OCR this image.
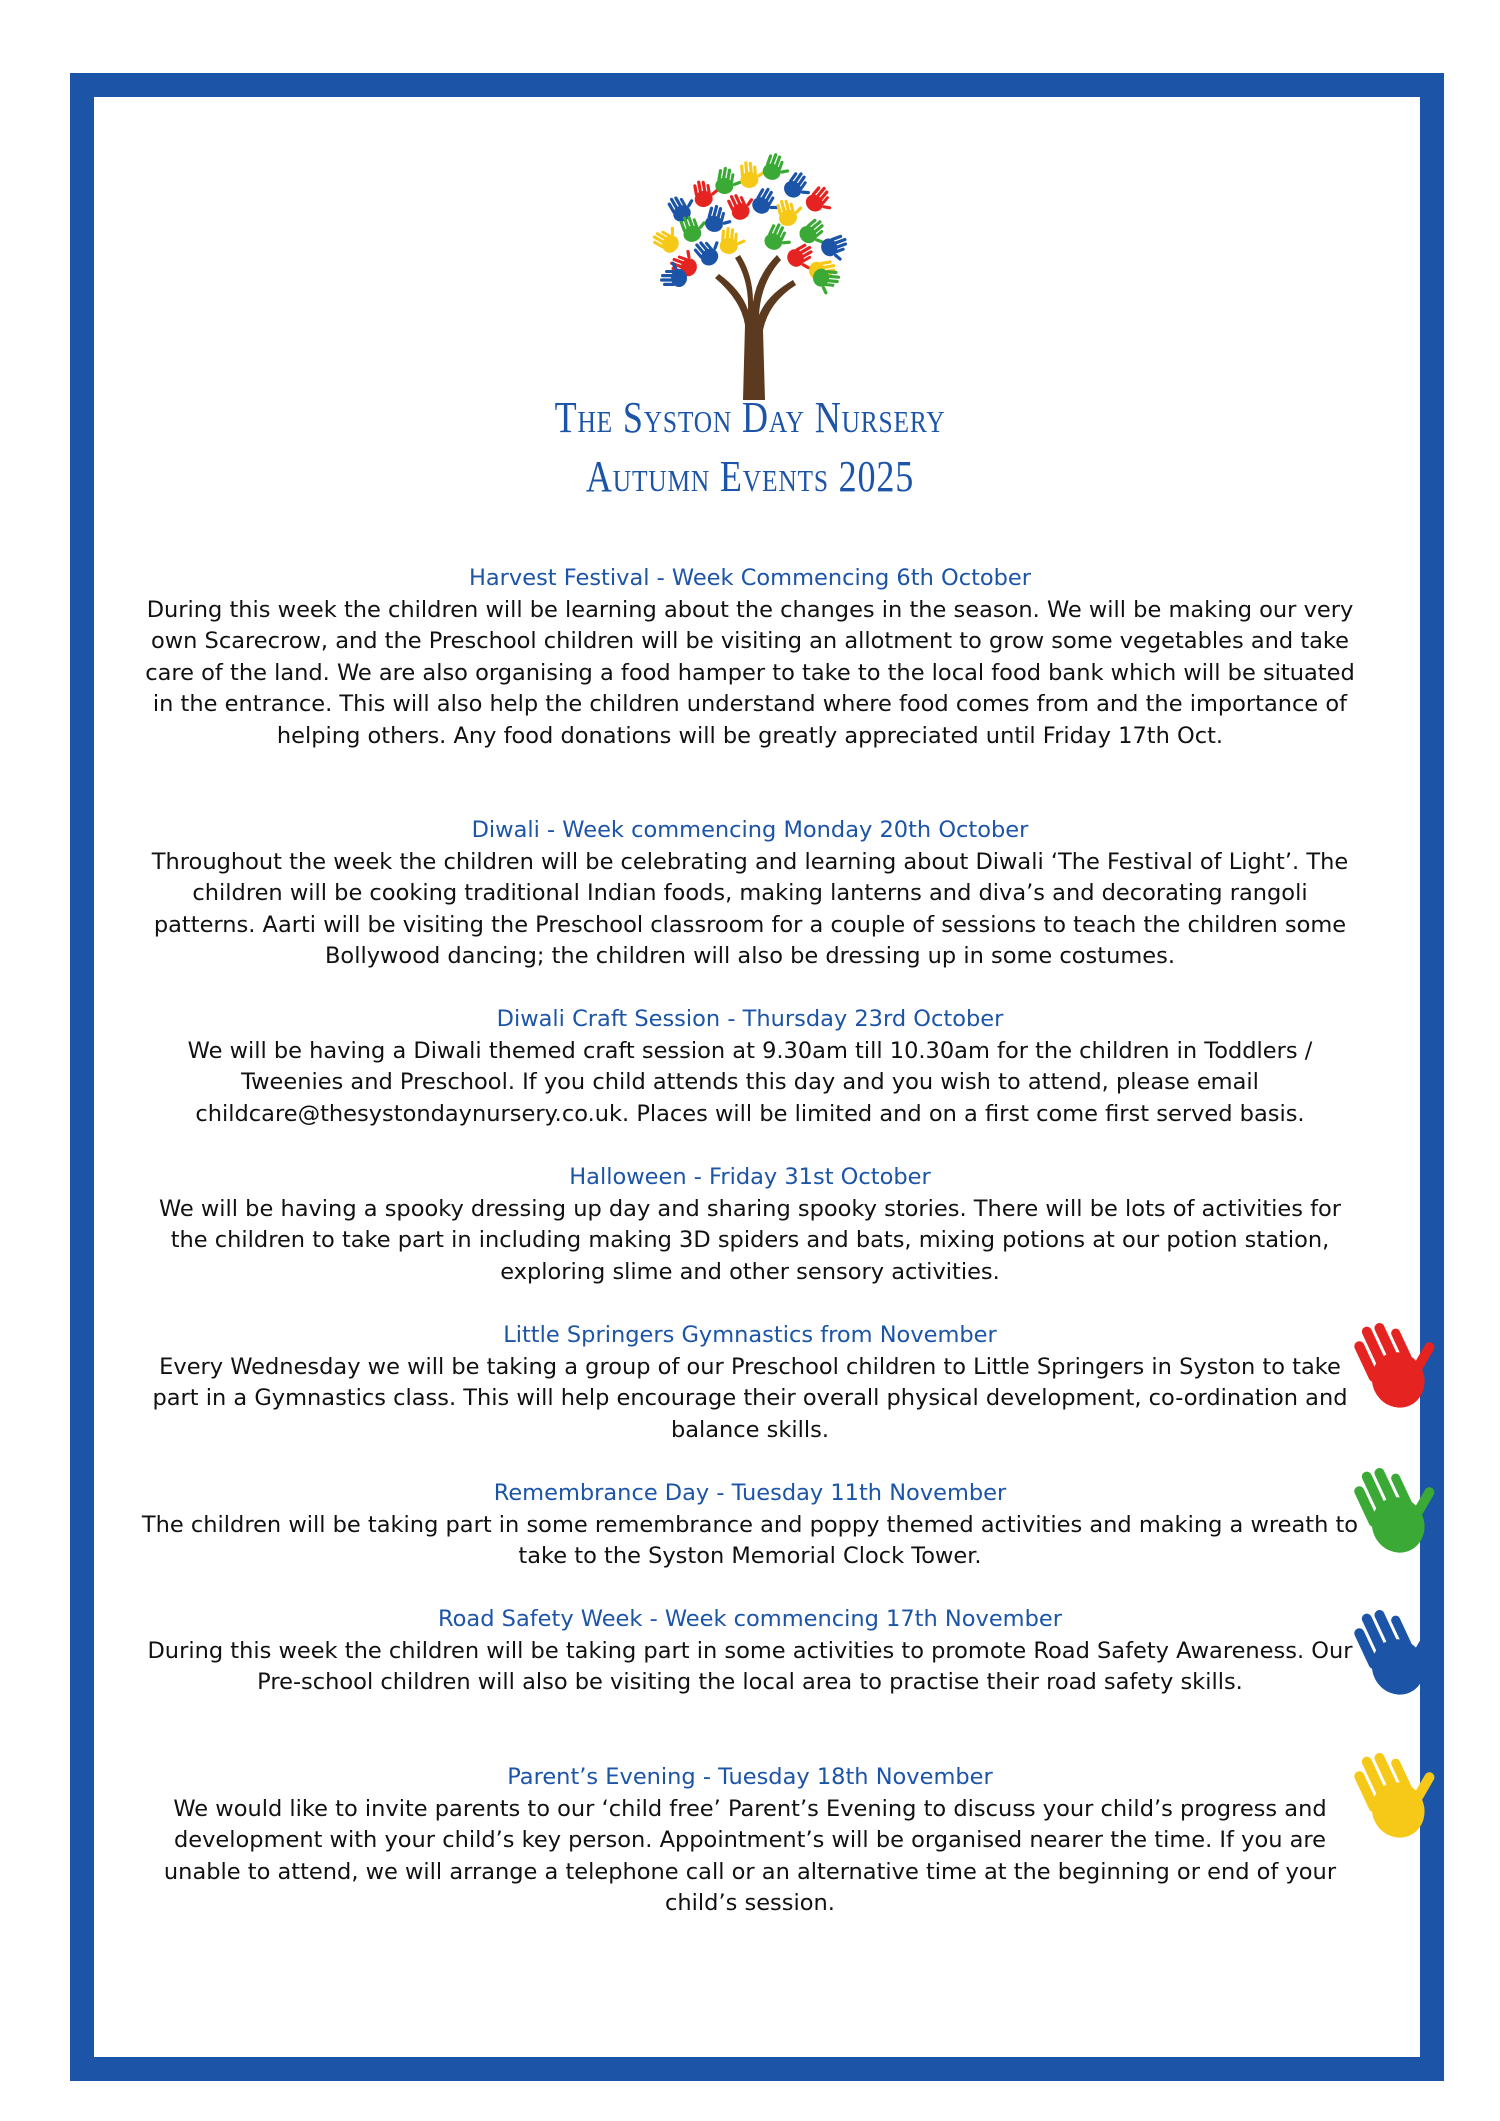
The Syston Day Nursery
Autumn Events 2025

Harvest Festival - Week Commencing 6th October

During this week the children will be learning about the changes in the season. We will be making our very own Scarecrow, and the Preschool children will be visiting an allotment to grow some vegetables and take care of the land. We are also organising a food hamper to take to the local food bank which will be situated in the entrance. This will also help the children understand where food comes from and the importance of helping others. Any food donations will be greatly appreciated until Friday 17th Oct.

Diwali - Week commencing Monday 20th October

Throughout the week the children will be celebrating and learning about Diwali ‘The Festival of Light’. The children will be cooking traditional Indian foods, making lanterns and diva’s and decorating rangoli patterns. Aarti will be visiting the Preschool classroom for a couple of sessions to teach the children some Bollywood dancing; the children will also be dressing up in some costumes.

Diwali Craft Session - Thursday 23rd October

We will be having a Diwali themed craft session at 9.30am till 10.30am for the children in Toddlers / Tweenies and Preschool. If you child attends this day and you wish to attend, please email childcare@thesystondaynursery.co.uk. Places will be limited and on a first come first served basis.

Halloween - Friday 31st October

We will be having a spooky dressing up day and sharing spooky stories. There will be lots of activities for the children to take part in including making 3D spiders and bats, mixing potions at our potion station, exploring slime and other sensory activities.

Little Springers Gymnastics from November

Every Wednesday we will be taking a group of our Preschool children to Little Springers in Syston to take part in a Gymnastics class. This will help encourage their overall physical development, co-ordination and balance skills.

Remembrance Day - Tuesday 11th November

The children will be taking part in some remembrance and poppy themed activities and making a wreath to take to the Syston Memorial Clock Tower.

Road Safety Week - Week commencing 17th November

During this week the children will be taking part in some activities to promote Road Safety Awareness. Our Pre-school children will also be visiting the local area to practise their road safety skills.

Parent’s Evening - Tuesday 18th November

We would like to invite parents to our ‘child free’ Parent’s Evening to discuss your child’s progress and development with your child’s key person. Appointment’s will be organised nearer the time. If you are unable to attend, we will arrange a telephone call or an alternative time at the beginning or end of your child’s session.
